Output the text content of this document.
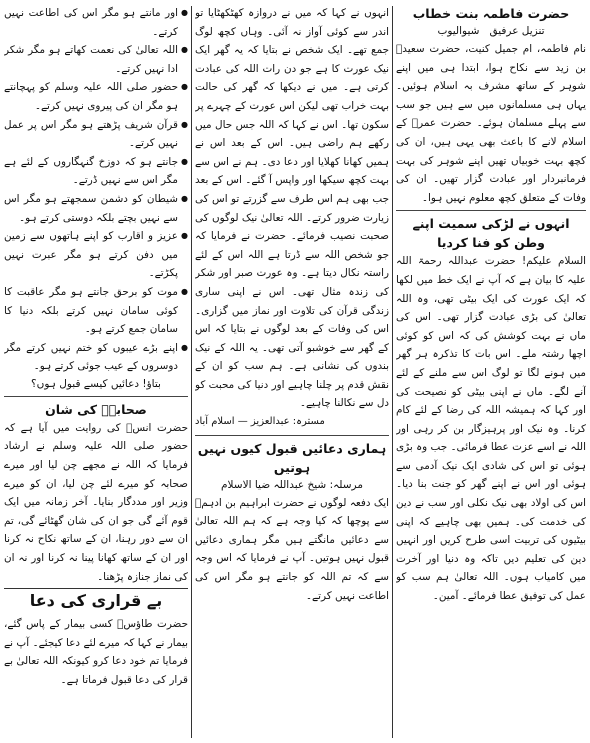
حضرت فاطمہ بنت خطاب
تنزیل عرفیق   شیوالیوب

نام فاطمہ، ام جمیل کنیت، حضرت سعیدؓ بن زید سے نکاح ہوا، ابتدا ہی میں اپنے شوہر کے ساتھ مشرف بہ اسلام ہوئیں۔ یہاں ہی مسلمانوں میں سے ہیں جو سب سے پہلے مسلمان ہوئے۔ حضرت عمرؓ کے اسلام لانے کا باعث بھی یہی ہیں، ان کی کچھ بہت خوبیاں تھیں اپنے شوہر کی بہت فرمانبردار اور عبادت گزار تھیں۔ ان کی وفات کے متعلق کچھ معلوم نہیں ہوا۔

انہوں نے لڑکی سمیت اپنے وطن کو فنا کردیا

السلام علیکم! حضرت عبداللہ رحمۃ اللہ علیہ کا بیان ہے کہ آپ نے ایک خط میں لکھا کہ ایک عورت کی ایک بیٹی تھی، وہ اللہ تعالیٰ کی بڑی عبادت گزار تھی۔ اس کی ماں نے بہت کوشش کی کہ اس کو کوئی اچھا رشتہ ملے۔ اس بات کا تذکرہ ہر گھر میں ہونے لگا تو لوگ اس سے ملنے کے لئے آنے لگے۔ ماں نے اپنی بیٹی کو نصیحت کی اور کہا کہ ہمیشہ اللہ کی رضا کے لئے کام کرنا۔ وہ نیک اور پرہیزگار بن کر رہی اور اللہ نے اسے عزت عطا فرمائی۔ جب وہ بڑی ہوئی تو اس کی شادی ایک نیک آدمی سے ہوئی اور اس نے اپنے گھر کو جنت بنا دیا۔ اس کی اولاد بھی نیک نکلی اور سب نے دین کی خدمت کی۔ ہمیں بھی چاہیے کہ اپنی بیٹیوں کی تربیت اسی طرح کریں اور انہیں دین کی تعلیم دیں تاکہ وہ دنیا اور آخرت میں کامیاب ہوں۔ اللہ تعالیٰ ہم سب کو عمل کی توفیق عطا فرمائے۔ آمین۔

انہوں نے کہا کہ میں نے دروازہ کھٹکھٹایا تو اندر سے کوئی آواز نہ آئی۔ وہاں کچھ لوگ جمع تھے۔ ایک شخص نے بتایا کہ یہ گھر ایک نیک عورت کا ہے جو دن رات اللہ کی عبادت کرتی ہے۔ میں نے دیکھا کہ گھر کی حالت بہت خراب تھی لیکن اس عورت کے چہرے پر سکون تھا۔ اس نے کہا کہ اللہ جس حال میں رکھے ہم راضی ہیں۔ اس کے بعد اس نے ہمیں کھانا کھلایا اور دعا دی۔ ہم نے اس سے بہت کچھ سیکھا اور واپس آ گئے۔ اس کے بعد جب بھی ہم اس طرف سے گزرتے تو اس کی زیارت ضرور کرتے۔ اللہ تعالیٰ نیک لوگوں کی صحبت نصیب فرمائے۔ حضرت نے فرمایا کہ جو شخص اللہ سے ڈرتا ہے اللہ اس کے لئے راستہ نکال دیتا ہے۔ وہ عورت صبر اور شکر کی زندہ مثال تھی۔ اس نے اپنی ساری زندگی قرآن کی تلاوت اور نماز میں گزاری۔ اس کی وفات کے بعد لوگوں نے بتایا کہ اس کے گھر سے خوشبو آتی تھی۔ یہ اللہ کے نیک بندوں کی نشانی ہے۔ ہم سب کو ان کے نقش قدم پر چلنا چاہیے اور دنیا کی محبت کو دل سے نکالنا چاہیے۔

مسترہ: عبدالعزیز — اسلام آباد
ہماری دعائیں قبول کیوں نہیں ہوتیں
مرسلہ: شیخ عبداللہ ضیا الاسلام

ایک دفعہ لوگوں نے حضرت ابراہیم بن ادہمؒ سے پوچھا کہ کیا وجہ ہے کہ ہم اللہ تعالیٰ سے دعائیں مانگتے ہیں مگر ہماری دعائیں قبول نہیں ہوتیں۔ آپ نے فرمایا کہ اس وجہ سے کہ تم اللہ کو جانتے ہو مگر اس کی اطاعت نہیں کرتے۔

● اور مانتے ہو مگر اس کی اطاعت نہیں کرتے۔

● اللہ تعالیٰ کی نعمت کھاتے ہو مگر شکر ادا نہیں کرتے۔

● حضور صلی اللہ علیہ وسلم کو پہچانتے ہو مگر ان کی پیروی نہیں کرتے۔

● قرآن شریف پڑھتے ہو مگر اس پر عمل نہیں کرتے۔

● جانتے ہو کہ دوزخ گنہگاروں کے لئے ہے مگر اس سے نہیں ڈرتے۔

● شیطان کو دشمن سمجھتے ہو مگر اس سے نہیں بچتے بلکہ دوستی کرتے ہو۔

● عزیز و اقارب کو اپنے ہاتھوں سے زمین میں دفن کرتے ہو مگر عبرت نہیں پکڑتے۔

● موت کو برحق جانتے ہو مگر عاقبت کا کوئی سامان نہیں کرتے بلکہ دنیا کا سامان جمع کرتے ہو۔

● اپنے بڑے عیبوں کو ختم نہیں کرتے مگر دوسروں کے عیب جوئی کرتے ہو۔

بتاؤ! دعائیں کیسے قبول ہوں؟
صحابہؓ کی شان

حضرت انسؓ کی روایت میں آیا ہے کہ حضور صلی اللہ علیہ وسلم نے ارشاد فرمایا کہ اللہ نے مجھے چن لیا اور میرے صحابہ کو میرے لئے چن لیا، ان کو میرے وزیر اور مددگار بنایا۔ آخر زمانہ میں ایک قوم آئے گی جو ان کی شان گھٹائے گی، تم ان سے دور رہنا، ان کے ساتھ نکاح نہ کرنا اور ان کے ساتھ کھانا پینا نہ کرنا اور نہ ان کی نماز جنازہ پڑھنا۔

بے قراری کی دعا

حضرت طاؤسؒ کسی بیمار کے پاس گئے، بیمار نے کہا کہ میرے لئے دعا کیجئے۔ آپ نے فرمایا تم خود دعا کرو کیونکہ اللہ تعالیٰ بے قرار کی دعا قبول فرماتا ہے۔
